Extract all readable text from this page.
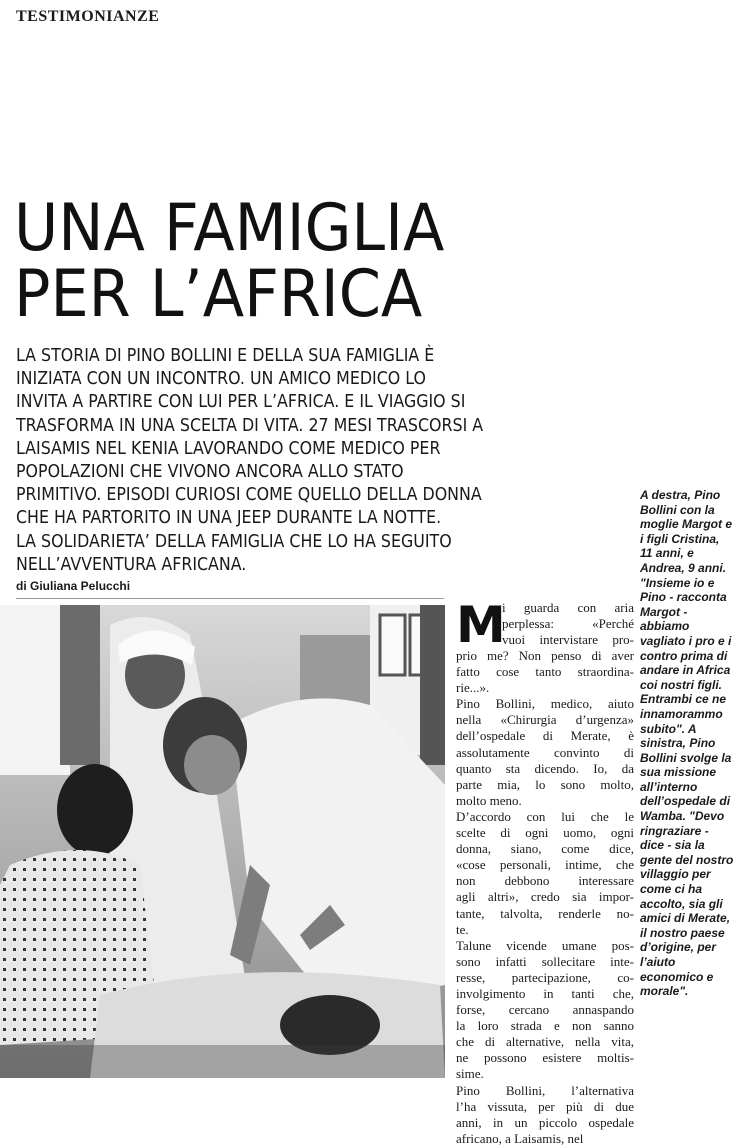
TESTIMONIANZE
UNA FAMIGLIA
PER L’AFRICA
LA STORIA DI PINO BOLLINI E DELLA SUA FAMIGLIA È
INIZIATA CON UN INCONTRO. UN AMICO MEDICO LO
INVITA A PARTIRE CON LUI PER L’AFRICA. E IL VIAGGIO SI
TRASFORMA IN UNA SCELTA DI VITA. 27 MESI TRASCORSI A
LAISAMIS NEL KENIA LAVORANDO COME MEDICO PER
POPOLAZIONI CHE VIVONO ANCORA ALLO STATO
PRIMITIVO. EPISODI CURIOSI COME QUELLO DELLA DONNA
CHE HA PARTORITO IN UNA JEEP DURANTE LA NOTTE.
LA SOLIDARIETA’ DELLA FAMIGLIA CHE LO HA SEGUITO
NELL’AVVENTURA AFRICANA.
di Giuliana Pelucchi
A destra, Pino
Bollini con la
moglie Margot e
i figli Cristina,
11 anni, e
Andrea, 9 anni.
"Insieme io e
Pino - racconta
Margot -
abbiamo
vagliato i pro e i
contro prima di
andare in Africa
coi nostri figli.
Entrambi ce ne
innamorammo
subito". A
sinistra, Pino
Bollini svolge la
sua missione
all’interno
dell’ospedale di
Wamba. "Devo
ringraziare -
dice - sia la
gente del nostro
villaggio per
come ci ha
accolto, sia gli
amici di Merate,
il nostro paese
d’origine, per
l’aiuto
economico e
morale".
M
i guarda con aria
perplessa: «Perché
vuoi intervistare pro-
prio me? Non penso di aver
fatto cose tanto straordina-
rie...».
Pino Bollini, medico, aiuto
nella «Chirurgia d’urgenza»
dell’ospedale di Merate, è
assolutamente convinto di
quanto sta dicendo. Io, da
parte mia, lo sono molto,
molto meno.
D’accordo con lui che le
scelte di ogni uomo, ogni
donna, siano, come dice,
«cose personali, intime, che
non debbono interessare
agli altri», credo sia impor-
tante, talvolta, renderle no-
te.
Talune vicende umane pos-
sono infatti sollecitare inte-
resse, partecipazione, co-
involgimento in tanti che,
forse, cercano annaspando
la loro strada e non sanno
che di alternative, nella vita,
ne possono esistere moltis-
sime.
Pino Bollini, l’alternativa
l’ha vissuta, per più di due
anni, in un piccolo ospedale
africano, a Laisamis, nel
